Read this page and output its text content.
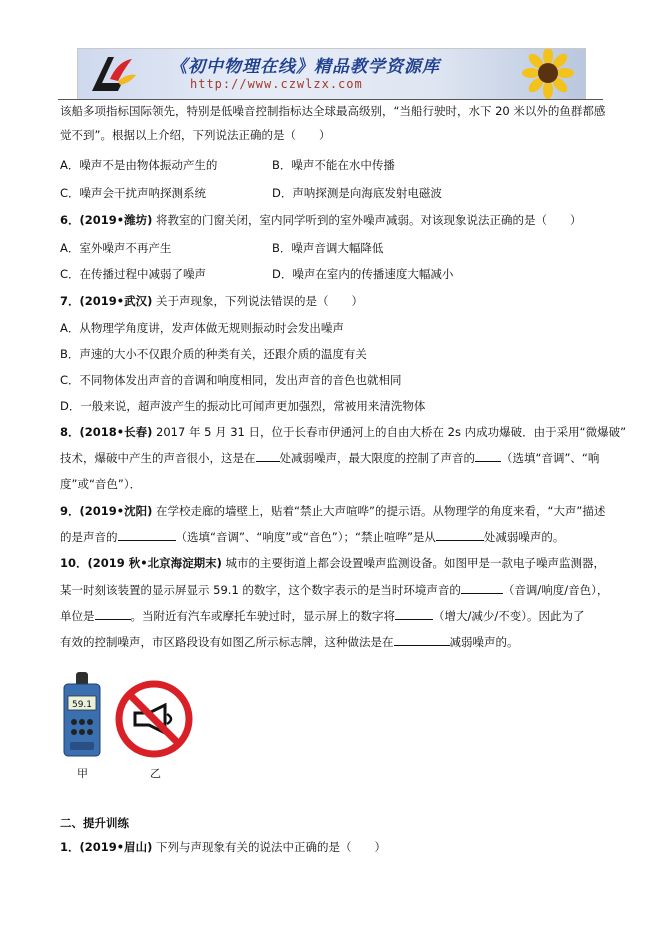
《初中物理在线》精品教学资源库
http://www.czwlzx.com
该船多项指标国际领先，特别是低噪音控制指标达全球最高级别，“当船行驶时，水下 20 米以外的鱼群都感
觉不到”。根据以上介绍，下列说法正确的是（　　）
A．噪声不是由物体振动产生的	B．噪声不能在水中传播
C．噪声会干扰声呐探测系统	D．声呐探测是向海底发射电磁波
6．(2019•潍坊) 将教室的门窗关闭，室内同学听到的室外噪声减弱。对该现象说法正确的是（　　）
A．室外噪声不再产生	B．噪声音调大幅降低
C．在传播过程中减弱了噪声	D．噪声在室内的传播速度大幅减小
7．(2019•武汉) 关于声现象，下列说法错误的是（　　）
A．从物理学角度讲，发声体做无规则振动时会发出噪声
B．声速的大小不仅跟介质的种类有关，还跟介质的温度有关
C．不同物体发出声音的音调和响度相同，发出声音的音色也就相同
D．一般来说，超声波产生的振动比可闻声更加强烈，常被用来清洗物体
8．(2018•长春) 2017 年 5 月 31 日，位于长春市伊通河上的自由大桥在 2s 内成功爆破．由于采用“微爆破”
技术，爆破中产生的声音很小，这是在 处减弱噪声，最大限度的控制了声音的 （选填“音调”、“响
度”或“音色”）．
9．(2019•沈阳) 在学校走廊的墙壁上，贴着“禁止大声喧哗”的提示语。从物理学的角度来看，“大声”描述
的是声音的	（选填“音调”、“响度”或“音色”）；“禁止喧哗”是从	处减弱噪声的。
10．(2019 秋•北京海淀期末) 城市的主要街道上都会设置噪声监测设备。如图甲是一款电子噪声监测器，
某一时刻该装置的显示屏显示 59.1 的数字，这个数字表示的是当时环境声音的	（音调/响度/音色），
单位是	。当附近有汽车或摩托车驶过时，显示屏上的数字将	（增大/减少/不变）。因此为了
有效的控制噪声，市区路段设有如图乙所示标志牌，这种做法是在	减弱噪声的。
59.1
甲	乙
二、提升训练
1．(2019•眉山) 下列与声现象有关的说法中正确的是（　　）
